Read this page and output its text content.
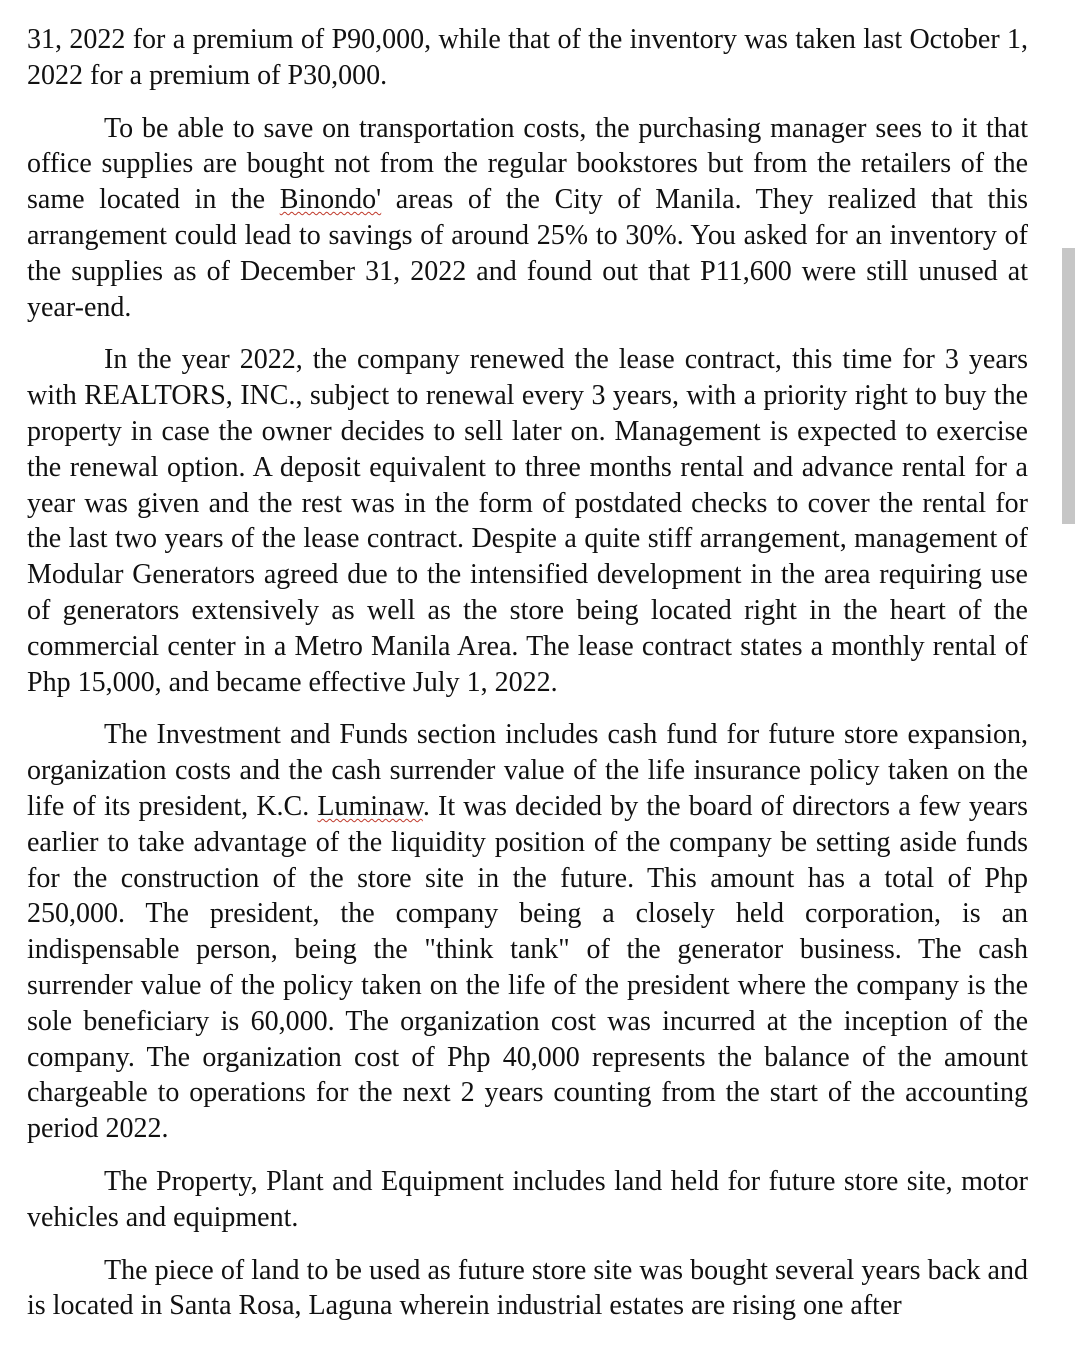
31, 2022 for a premium of P90,000, while that of the inventory was taken last October 1, 2022 for a premium of P30,000.

To be able to save on transportation costs, the purchasing manager sees to it that office supplies are bought not from the regular bookstores but from the retailers of the same located in the Binondo' areas of the City of Manila. They realized that this arrangement could lead to savings of around 25% to 30%. You asked for an inventory of the supplies as of December 31, 2022 and found out that P11,600 were still unused at year-end.

In the year 2022, the company renewed the lease contract, this time for 3 years with REALTORS, INC., subject to renewal every 3 years, with a priority right to buy the property in case the owner decides to sell later on. Management is expected to exercise the renewal option. A deposit equivalent to three months rental and advance rental for a year was given and the rest was in the form of postdated checks to cover the rental for the last two years of the lease contract. Despite a quite stiff arrangement, management of Modular Generators agreed due to the intensified development in the area requiring use of generators extensively as well as the store being located right in the heart of the commercial center in a Metro Manila Area. The lease contract states a monthly rental of Php 15,000, and became effective July 1, 2022.

The Investment and Funds section includes cash fund for future store expansion, organization costs and the cash surrender value of the life insurance policy taken on the life of its president, K.C. Luminaw. It was decided by the board of directors a few years earlier to take advantage of the liquidity position of the company be setting aside funds for the construction of the store site in the future. This amount has a total of Php 250,000. The president, the company being a closely held corporation, is an indispensable person, being the "think tank" of the generator business. The cash surrender value of the policy taken on the life of the president where the company is the sole beneficiary is 60,000. The organization cost was incurred at the inception of the company. The organization cost of Php 40,000 represents the balance of the amount chargeable to operations for the next 2 years counting from the start of the accounting period 2022.

The Property, Plant and Equipment includes land held for future store site, motor vehicles and equipment.

The piece of land to be used as future store site was bought several years back and is located in Santa Rosa, Laguna wherein industrial estates are rising one after
